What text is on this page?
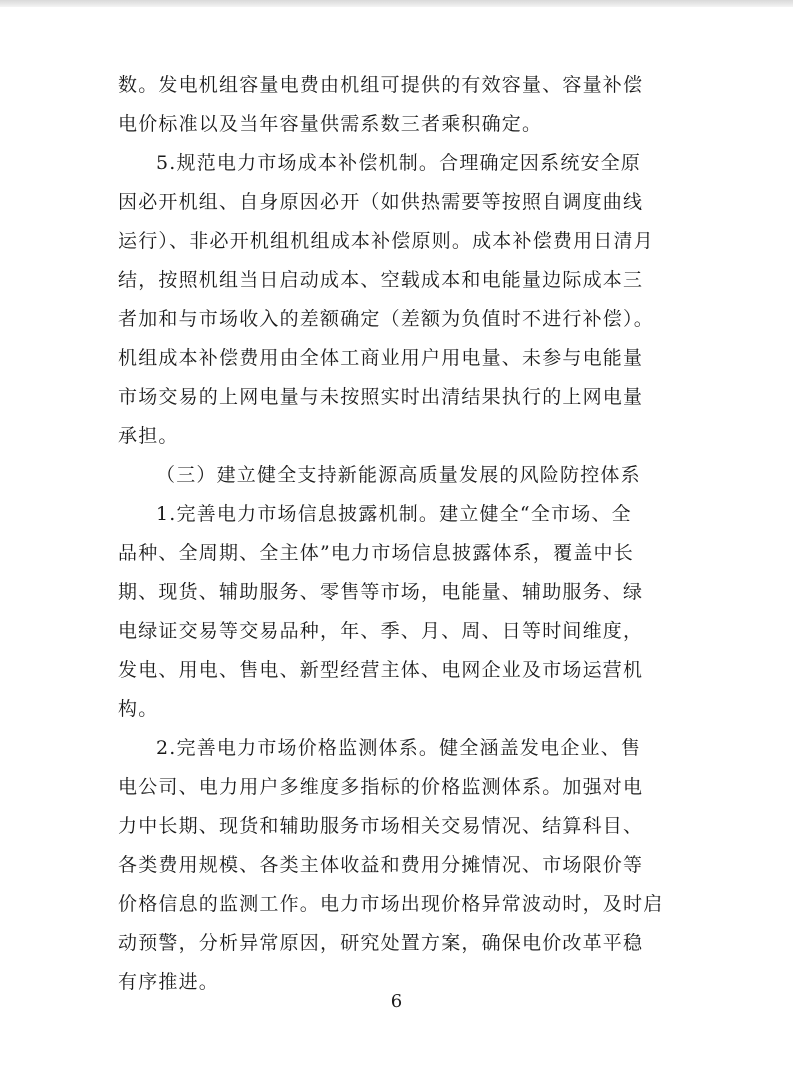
数。发电机组容量电费由机组可提供的有效容量、容量补偿
电价标准以及当年容量供需系数三者乘积确定。

5.规范电力市场成本补偿机制。合理确定因系统安全原
因必开机组、自身原因必开（如供热需要等按照自调度曲线
运行）、非必开机组机组成本补偿原则。成本补偿费用日清月
结，按照机组当日启动成本、空载成本和电能量边际成本三
者加和与市场收入的差额确定（差额为负值时不进行补偿）。
机组成本补偿费用由全体工商业用户用电量、未参与电能量
市场交易的上网电量与未按照实时出清结果执行的上网电量
承担。

（三）建立健全支持新能源高质量发展的风险防控体系

1.完善电力市场信息披露机制。建立健全“全市场、全
品种、全周期、全主体”电力市场信息披露体系，覆盖中长
期、现货、辅助服务、零售等市场，电能量、辅助服务、绿
电绿证交易等交易品种，年、季、月、周、日等时间维度，
发电、用电、售电、新型经营主体、电网企业及市场运营机
构。

2.完善电力市场价格监测体系。健全涵盖发电企业、售
电公司、电力用户多维度多指标的价格监测体系。加强对电
力中长期、现货和辅助服务市场相关交易情况、结算科目、
各类费用规模、各类主体收益和费用分摊情况、市场限价等
价格信息的监测工作。电力市场出现价格异常波动时，及时启
动预警，分析异常原因，研究处置方案，确保电价改革平稳
有序推进。

6
